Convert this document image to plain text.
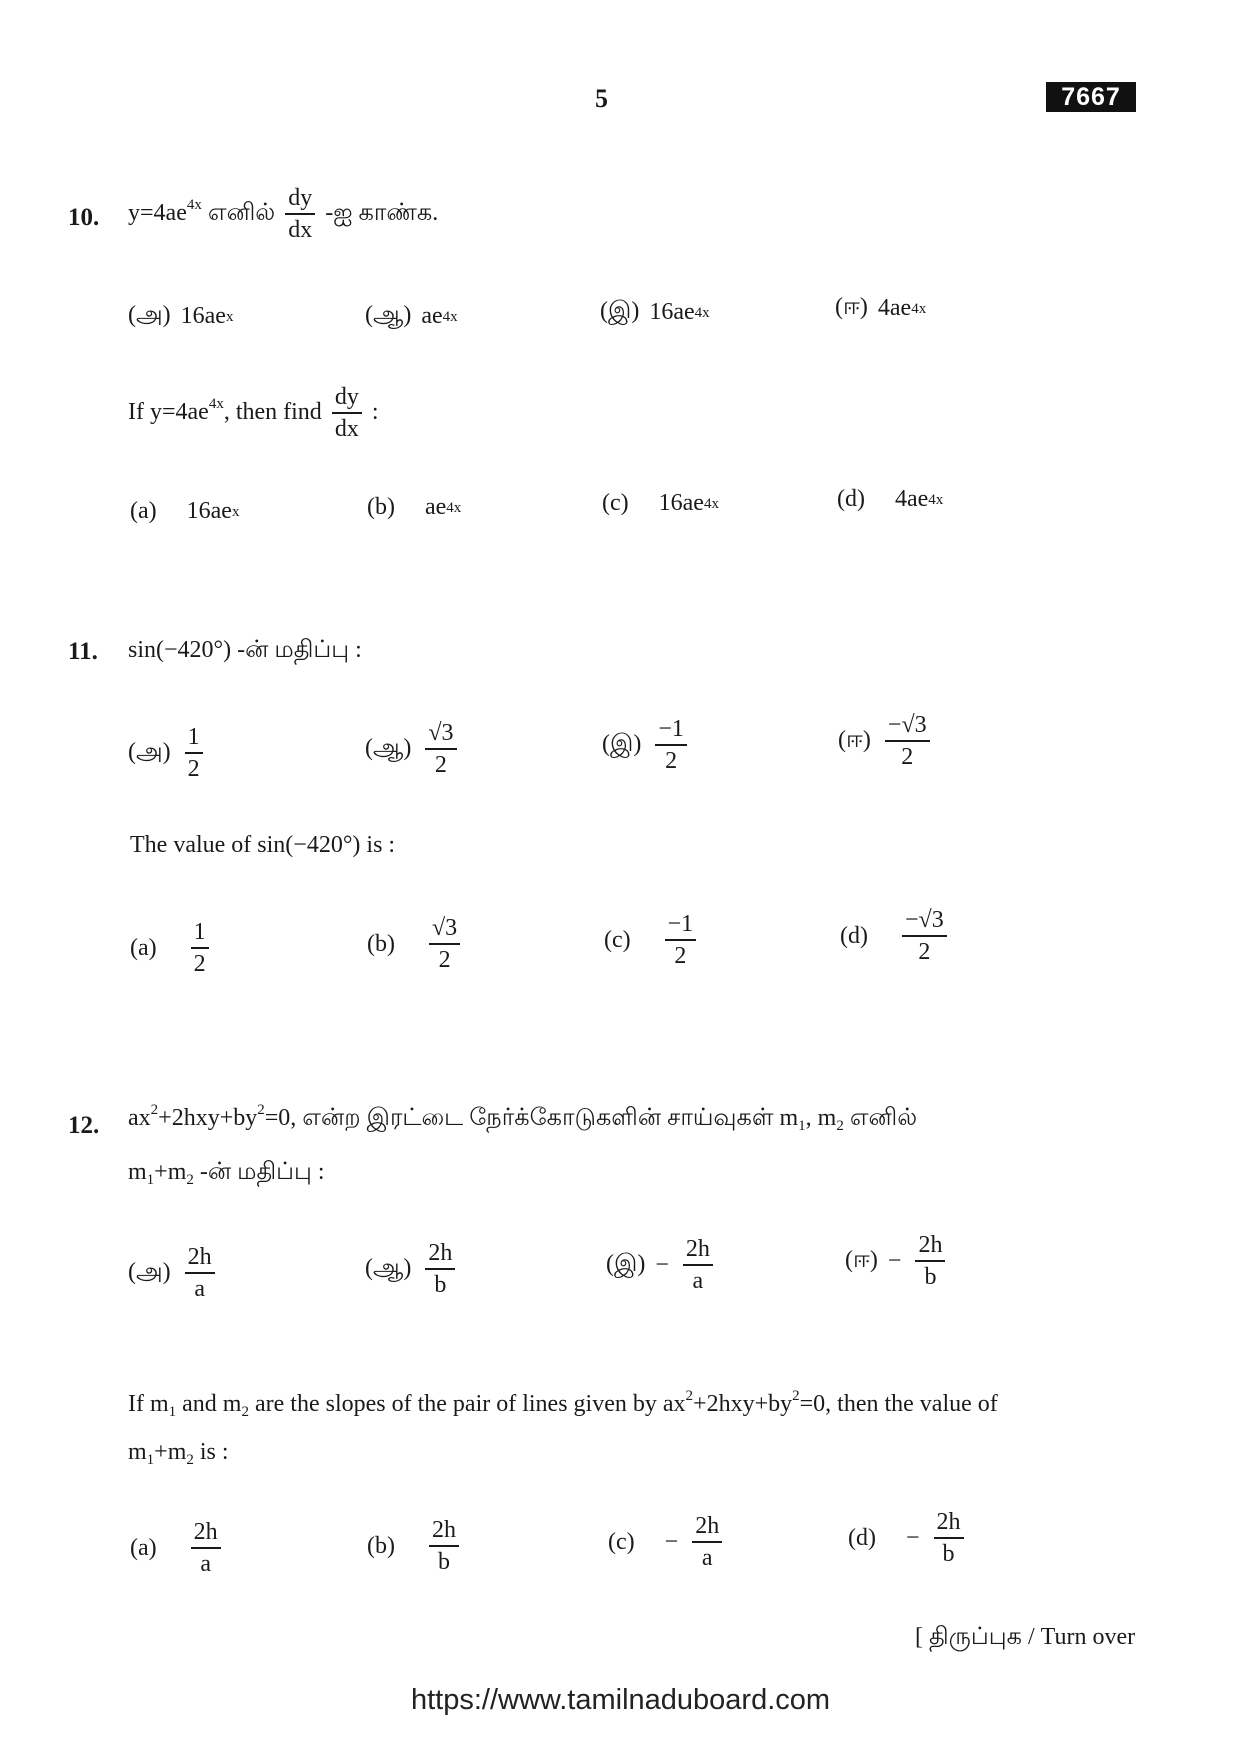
5	7667
10. $y=4ae^{4x}$ எனில் $\frac{dy}{dx}$ -ஐ காண்க.
(அ) 16ae x	(ஆ) ae 4x	(இ) 16ae 4x	(ஈ) 4ae 4x
If $y=4ae^{4x}$, then find $\frac{dy}{dx}$ :
(a) 16ae x	(b) ae 4x	(c) 16ae 4x	(d) 4ae 4x
11. sin(−420°) -ன் மதிப்பு :
(அ) $\frac{1}{2}$	(ஆ) $\frac{√3}{2}$	(இ) $\frac{-1}{2}$	(ஈ) $\frac{-√3}{2}$
The value of sin(−420°) is :
$(a) \frac{1}{2}$	$(b) \frac{√3}{2}$	$(c) \frac{-1}{2}$	$(d) \frac{-√3}{2}$
12. $ax^2+2hxy+by^2=0$, என்ற இரட்டை நேர்க்கோடுகளின் சாய்வுகள் $m_1$, $m_2$ எனில்
$m_1+m_2$ -ன் மதிப்பு :
(அ) $\frac{2h}{a}$	(ஆ) $\frac{2h}{b}$	(இ) − $\frac{2h}{a}$	(ஈ) − $\frac{2h}{b}$
If $m_1$ and $m_2$ are the slopes of the pair of lines given by $ax^2+2hxy+by^2=0$, then the value of
$m_1+m_2$ is :
$(a) \frac{2h}{a}$	$(b) \frac{2h}{b}$	$(c) - \frac{2h}{a}$	$(d) - \frac{2h}{b}$
[ திருப்புக / Turn over
https://www.tamilnaduboard.com
